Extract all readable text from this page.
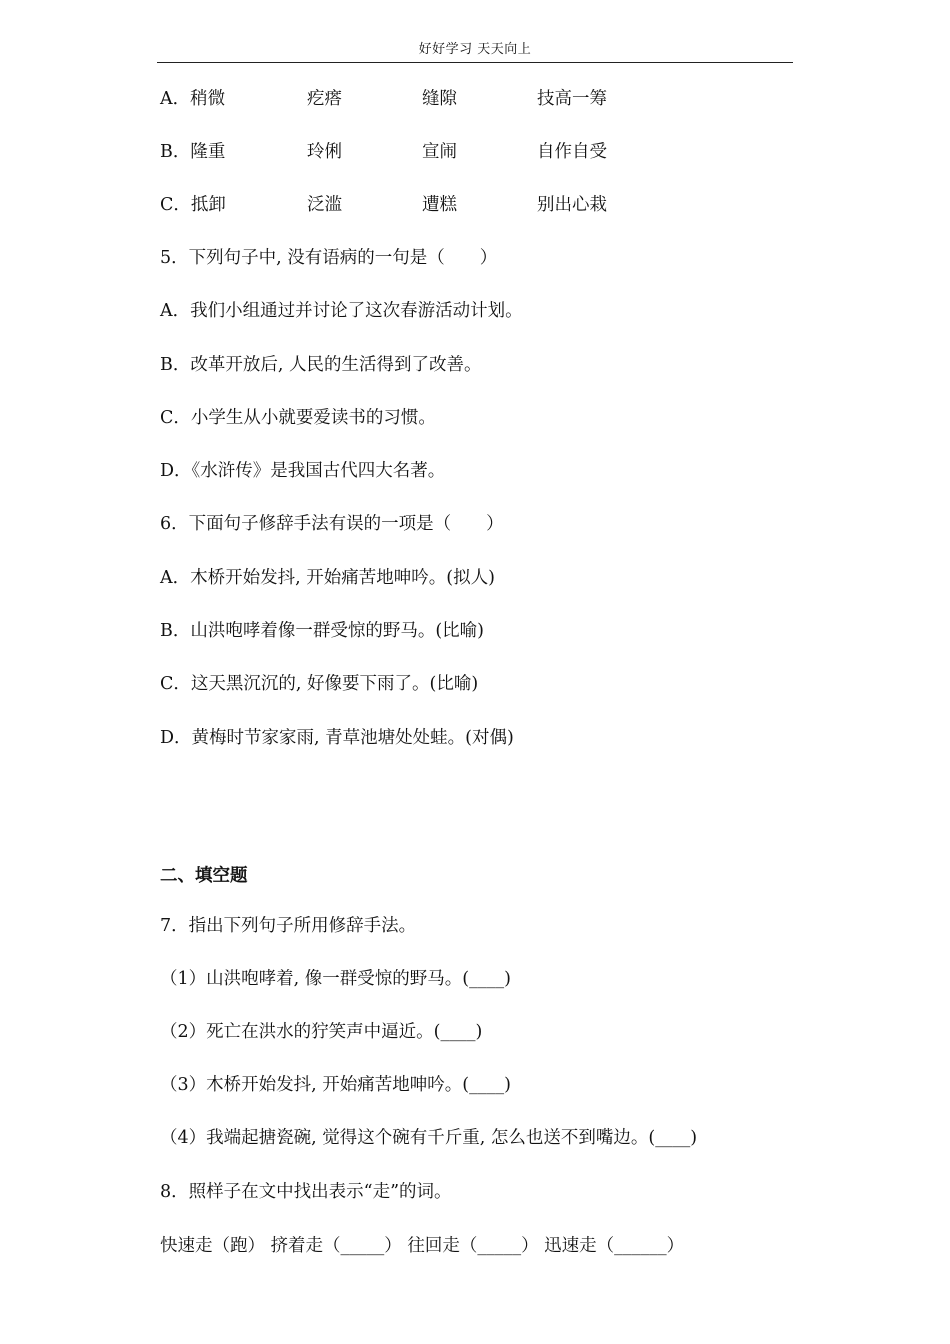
好好学习 天天向上
A．稍微	疙瘩	缝隙	技高一筹
B．隆重	玲俐	宣闹	自作自受
C．抵卸	泛滥	遭糕	别出心栽
5．下列句子中, 没有语病的一句是（　　）
A．我们小组通过并讨论了这次春游活动计划。
B．改革开放后, 人民的生活得到了改善。
C．小学生从小就要爱读书的习惯。
D．《水浒传》是我国古代四大名著。
6．下面句子修辞手法有误的一项是（　　）
A．木桥开始发抖, 开始痛苦地呻吟。(拟人)
B．山洪咆哮着像一群受惊的野马。(比喻)
C．这天黑沉沉的, 好像要下雨了。(比喻)
D．黄梅时节家家雨, 青草池塘处处蛙。(对偶)
二、填空题
7．指出下列句子所用修辞手法。
（1）山洪咆哮着, 像一群受惊的野马。(____)
（2）死亡在洪水的狞笑声中逼近。(____)
（3）木桥开始发抖, 开始痛苦地呻吟。(____)
（4）我端起搪瓷碗, 觉得这个碗有千斤重, 怎么也送不到嘴边。(____)
8．照样子在文中找出表示“走”的词。
快速走（跑） 挤着走（_____） 往回走（_____） 迅速走（______）
